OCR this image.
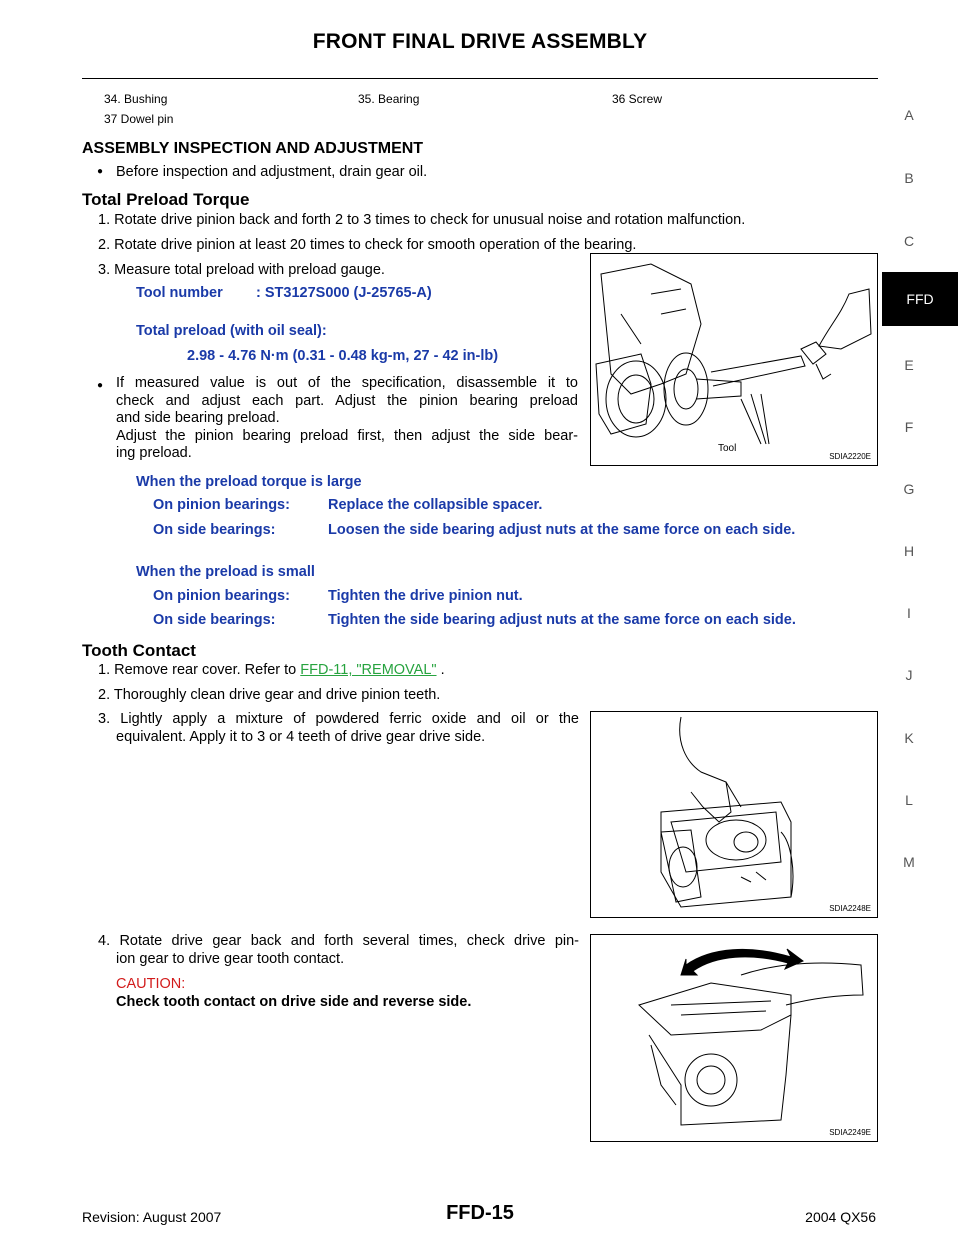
FRONT FINAL DRIVE ASSEMBLY
34. Bushing	35. Bearing	36 Screw
37 Dowel pin
ASSEMBLY INSPECTION AND ADJUSTMENT
● Before inspection and adjustment, drain gear oil.
Total Preload Torque
1. Rotate drive pinion back and forth 2 to 3 times to check for unusual noise and rotation malfunction.
2. Rotate drive pinion at least 20 times to check for smooth operation of the bearing.
3. Measure total preload with preload gauge.
Tool number : ST3127S000 (J-25765-A)
Total preload (with oil seal):
2.98 - 4.76 N·m (0.31 - 0.48 kg-m, 27 - 42 in-lb)
● If measured value is out of the specification, disassemble it to
check and adjust each part. Adjust the pinion bearing preload
and side bearing preload.
Adjust the pinion bearing preload first, then adjust the side bear-
ing preload.
When the preload torque is large
On pinion bearings:	Replace the collapsible spacer.
On side bearings:	Loosen the side bearing adjust nuts at the same force on each side.
When the preload is small
On pinion bearings:	Tighten the drive pinion nut.
On side bearings:	Tighten the side bearing adjust nuts at the same force on each side.
Tooth Contact
1. Remove rear cover. Refer to FFD-11, "REMOVAL" .
2. Thoroughly clean drive gear and drive pinion teeth.
3. Lightly apply a mixture of powdered ferric oxide and oil or the
equivalent. Apply it to 3 or 4 teeth of drive gear drive side.
4. Rotate drive gear back and forth several times, check drive pin-
ion gear to drive gear tooth contact.
CAUTION:
Check tooth contact on drive side and reverse side.
Tool
SDIA2220E
SDIA2248E
SDIA2249E
A
B
C
FFD
E
F
G
H
I
J
K
L
M
Revision: August 2007	FFD-15	2004 QX56
